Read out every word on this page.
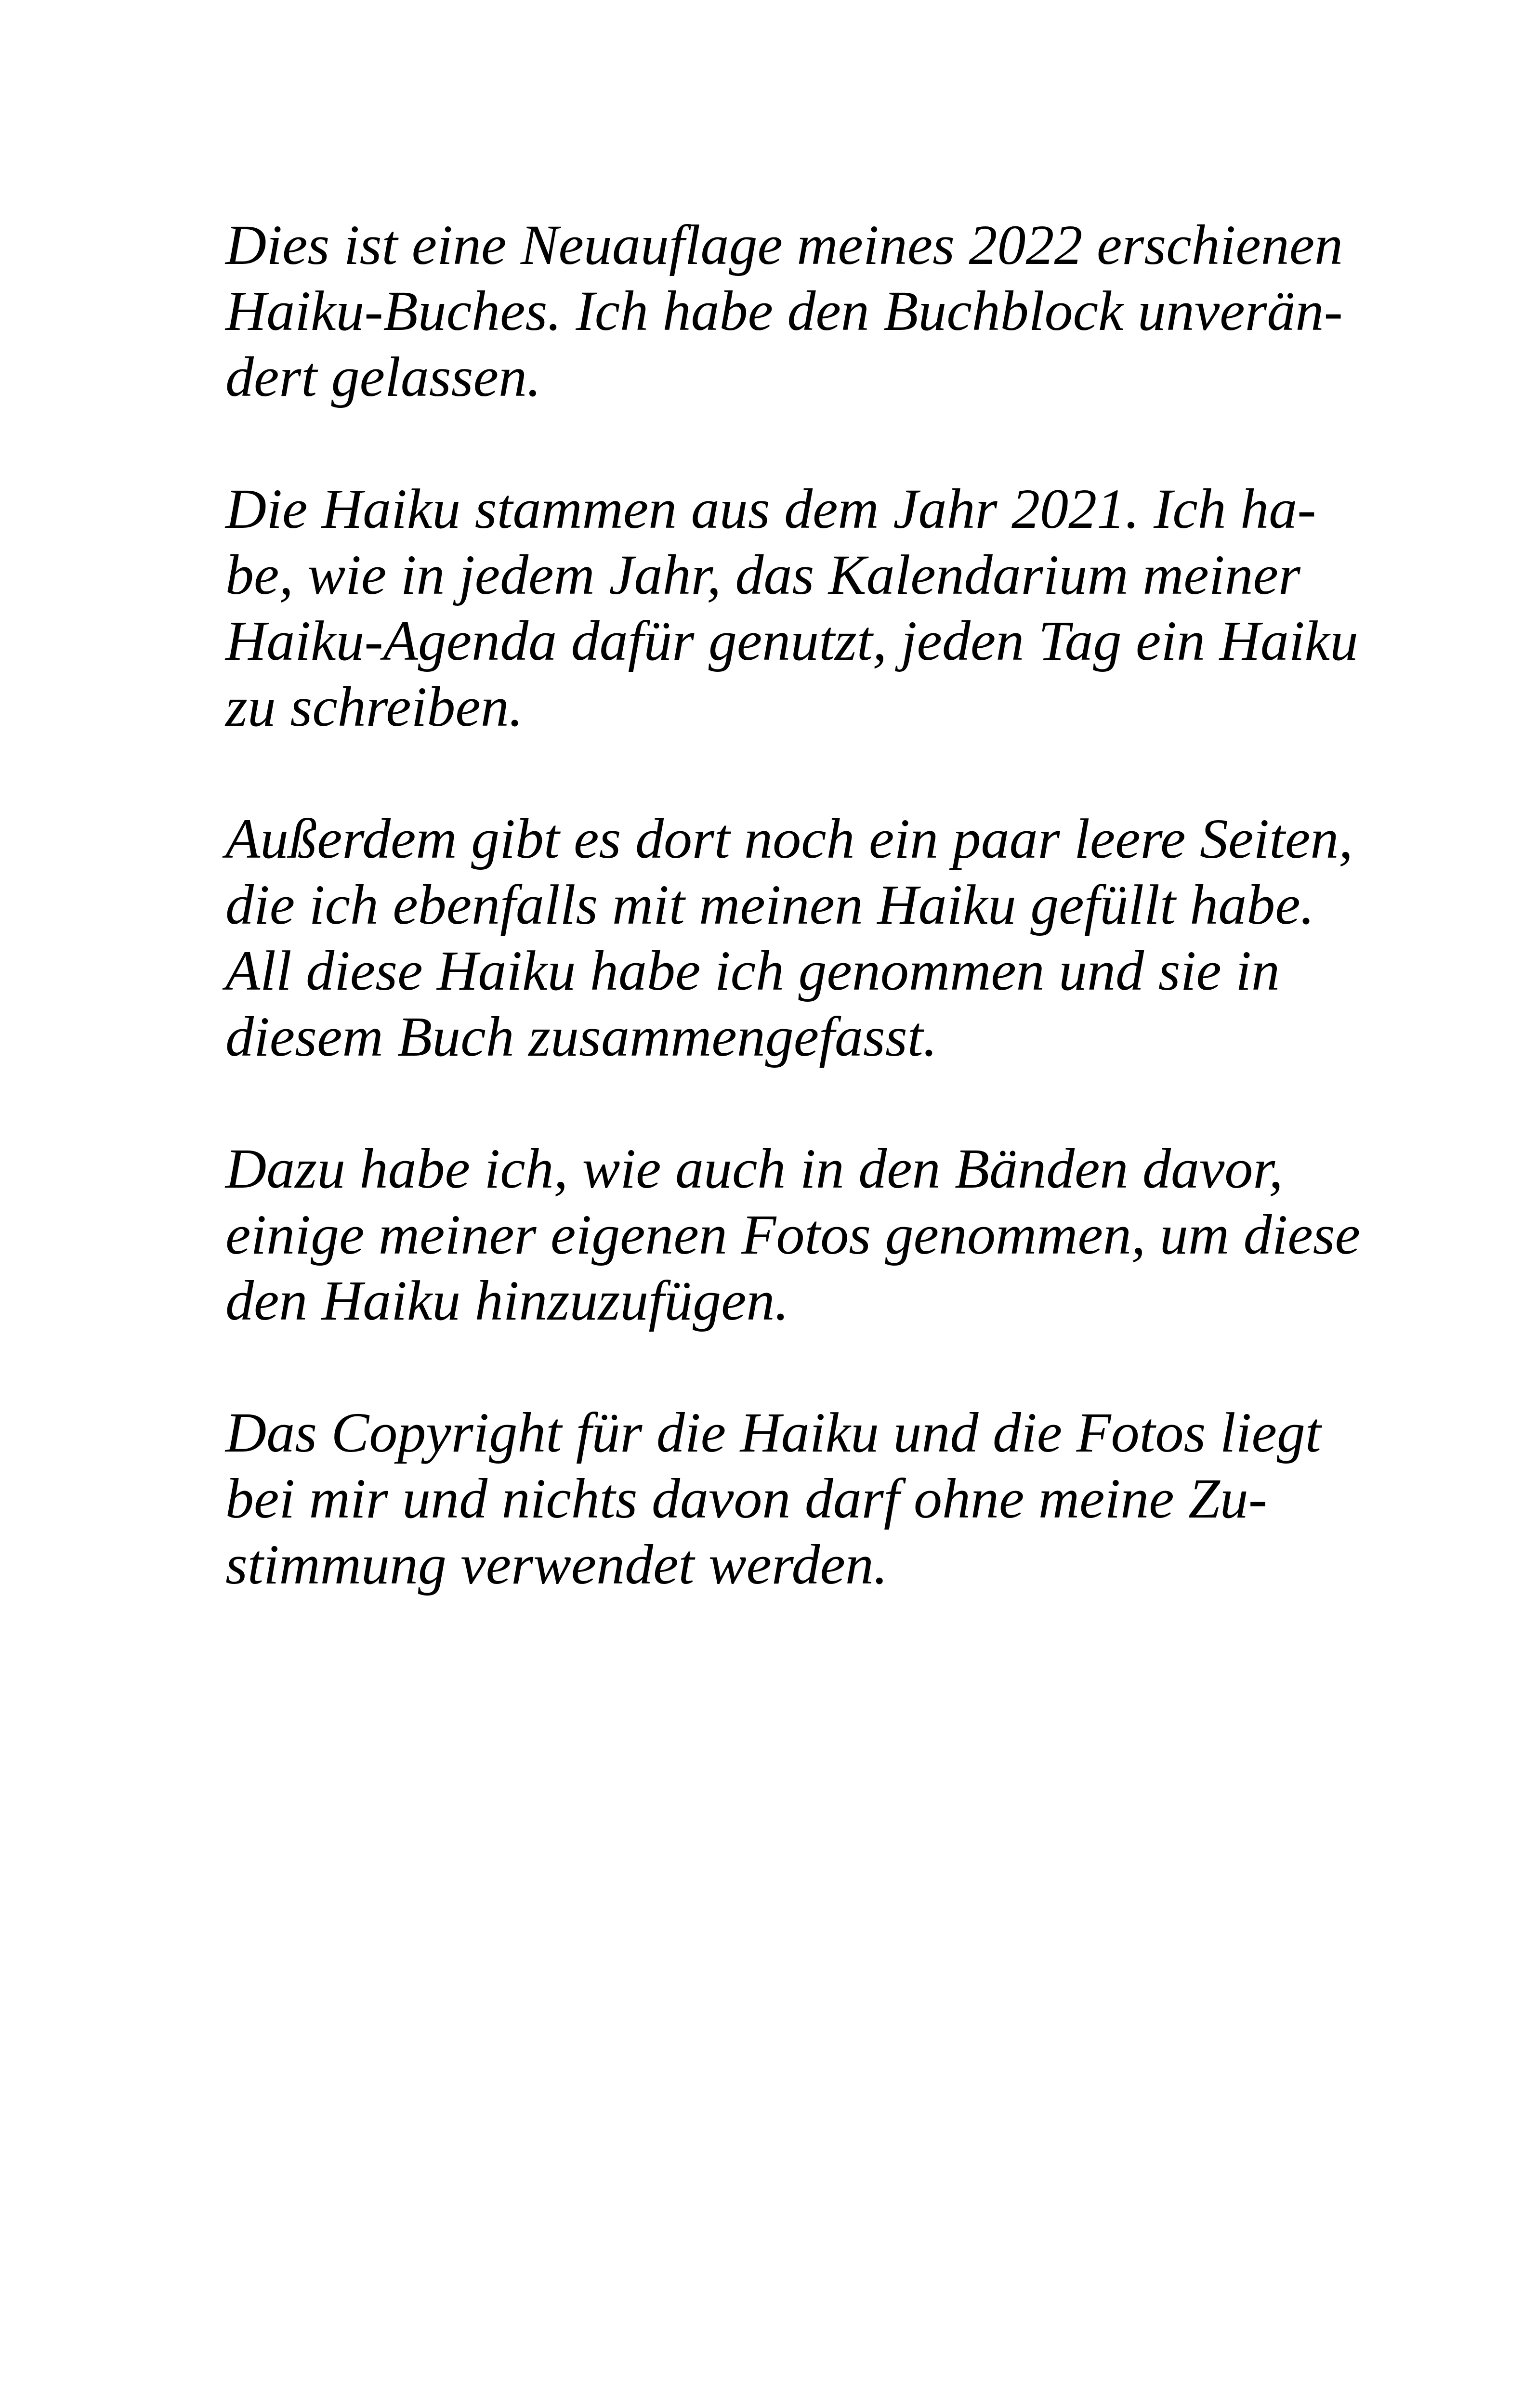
Dies ist eine Neuauflage meines 2022 erschienen
Haiku-Buches. Ich habe den Buchblock unverän-
dert gelassen.

Die Haiku stammen aus dem Jahr 2021. Ich ha-
be, wie in jedem Jahr, das Kalendarium meiner
Haiku-Agenda dafür genutzt, jeden Tag ein Haiku
zu schreiben.

Außerdem gibt es dort noch ein paar leere Seiten,
die ich ebenfalls mit meinen Haiku gefüllt habe.
All diese Haiku habe ich genommen und sie in
diesem Buch zusammengefasst.

Dazu habe ich, wie auch in den Bänden davor,
einige meiner eigenen Fotos genommen, um diese
den Haiku hinzuzufügen.

Das Copyright für die Haiku und die Fotos liegt
bei mir und nichts davon darf ohne meine Zu-
stimmung verwendet werden.
